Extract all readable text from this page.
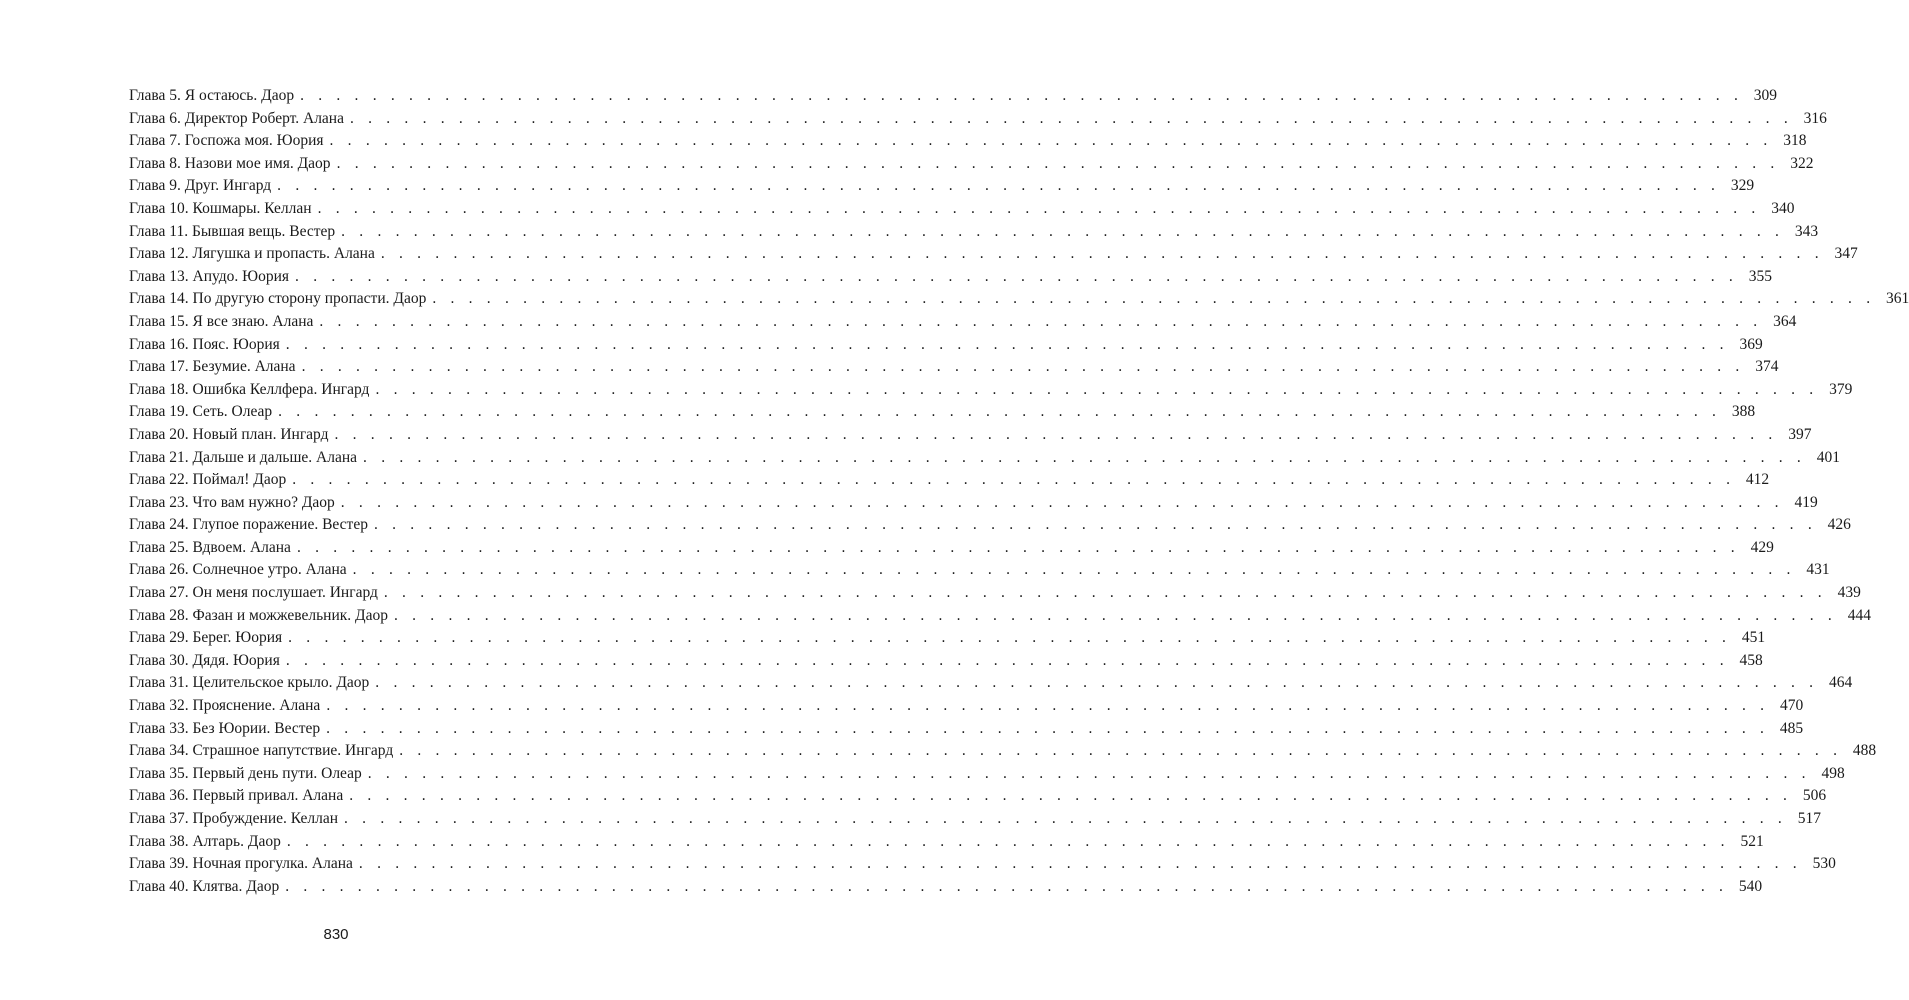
Глава 5. Я остаюсь. Даор . . . . . . . . . . . . . . . . . . . . . . . . . . . . . . . . . . . . . . . . . . . . . . . . . . . . . . . . . . . . . . . . . . . . . . . . . . . . . . . . 309
Глава 6. Директор Роберт. Алана . . . . . . . . . . . . . . . . . . . . . . . . . . . . . . . . . . . . . . . . . . . . . . . . . . . . . . . . . . . . . . . . . . . . . . . . . . . . . . . . 316
Глава 7. Госпожа моя. Юория . . . . . . . . . . . . . . . . . . . . . . . . . . . . . . . . . . . . . . . . . . . . . . . . . . . . . . . . . . . . . . . . . . . . . . . . . . . . . . . . 318
Глава 8. Назови мое имя. Даор . . . . . . . . . . . . . . . . . . . . . . . . . . . . . . . . . . . . . . . . . . . . . . . . . . . . . . . . . . . . . . . . . . . . . . . . . . . . . . . . 322
Глава 9. Друг. Ингард . . . . . . . . . . . . . . . . . . . . . . . . . . . . . . . . . . . . . . . . . . . . . . . . . . . . . . . . . . . . . . . . . . . . . . . . . . . . . . . . 329
Глава 10. Кошмары. Келлан . . . . . . . . . . . . . . . . . . . . . . . . . . . . . . . . . . . . . . . . . . . . . . . . . . . . . . . . . . . . . . . . . . . . . . . . . . . . . . . . 340
Глава 11. Бывшая вещь. Вестер . . . . . . . . . . . . . . . . . . . . . . . . . . . . . . . . . . . . . . . . . . . . . . . . . . . . . . . . . . . . . . . . . . . . . . . . . . . . . . . . 343
Глава 12. Лягушка и пропасть. Алана . . . . . . . . . . . . . . . . . . . . . . . . . . . . . . . . . . . . . . . . . . . . . . . . . . . . . . . . . . . . . . . . . . . . . . . . . . . . . . . . 347
Глава 13. Апудо. Юория . . . . . . . . . . . . . . . . . . . . . . . . . . . . . . . . . . . . . . . . . . . . . . . . . . . . . . . . . . . . . . . . . . . . . . . . . . . . . . . . 355
Глава 14. По другую сторону пропасти. Даор . . . . . . . . . . . . . . . . . . . . . . . . . . . . . . . . . . . . . . . . . . . . . . . . . . . . . . . . . . . . . . . . . . . . . . . . . . . . . . . . 361
Глава 15. Я все знаю. Алана . . . . . . . . . . . . . . . . . . . . . . . . . . . . . . . . . . . . . . . . . . . . . . . . . . . . . . . . . . . . . . . . . . . . . . . . . . . . . . . . 364
Глава 16. Пояс. Юория . . . . . . . . . . . . . . . . . . . . . . . . . . . . . . . . . . . . . . . . . . . . . . . . . . . . . . . . . . . . . . . . . . . . . . . . . . . . . . . . 369
Глава 17. Безумие. Алана . . . . . . . . . . . . . . . . . . . . . . . . . . . . . . . . . . . . . . . . . . . . . . . . . . . . . . . . . . . . . . . . . . . . . . . . . . . . . . . . 374
Глава 18. Ошибка Келлфера. Ингард . . . . . . . . . . . . . . . . . . . . . . . . . . . . . . . . . . . . . . . . . . . . . . . . . . . . . . . . . . . . . . . . . . . . . . . . . . . . . . . . 379
Глава 19. Сеть. Олеар . . . . . . . . . . . . . . . . . . . . . . . . . . . . . . . . . . . . . . . . . . . . . . . . . . . . . . . . . . . . . . . . . . . . . . . . . . . . . . . . 388
Глава 20. Новый план. Ингард . . . . . . . . . . . . . . . . . . . . . . . . . . . . . . . . . . . . . . . . . . . . . . . . . . . . . . . . . . . . . . . . . . . . . . . . . . . . . . . . 397
Глава 21. Дальше и дальше. Алана . . . . . . . . . . . . . . . . . . . . . . . . . . . . . . . . . . . . . . . . . . . . . . . . . . . . . . . . . . . . . . . . . . . . . . . . . . . . . . . . 401
Глава 22. Поймал! Даор . . . . . . . . . . . . . . . . . . . . . . . . . . . . . . . . . . . . . . . . . . . . . . . . . . . . . . . . . . . . . . . . . . . . . . . . . . . . . . . . 412
Глава 23. Что вам нужно? Даор . . . . . . . . . . . . . . . . . . . . . . . . . . . . . . . . . . . . . . . . . . . . . . . . . . . . . . . . . . . . . . . . . . . . . . . . . . . . . . . . 419
Глава 24. Глупое поражение. Вестер . . . . . . . . . . . . . . . . . . . . . . . . . . . . . . . . . . . . . . . . . . . . . . . . . . . . . . . . . . . . . . . . . . . . . . . . . . . . . . . . 426
Глава 25. Вдвоем. Алана . . . . . . . . . . . . . . . . . . . . . . . . . . . . . . . . . . . . . . . . . . . . . . . . . . . . . . . . . . . . . . . . . . . . . . . . . . . . . . . . 429
Глава 26. Солнечное утро. Алана . . . . . . . . . . . . . . . . . . . . . . . . . . . . . . . . . . . . . . . . . . . . . . . . . . . . . . . . . . . . . . . . . . . . . . . . . . . . . . . . 431
Глава 27. Он меня послушает. Ингард . . . . . . . . . . . . . . . . . . . . . . . . . . . . . . . . . . . . . . . . . . . . . . . . . . . . . . . . . . . . . . . . . . . . . . . . . . . . . . . . 439
Глава 28. Фазан и можжевельник. Даор . . . . . . . . . . . . . . . . . . . . . . . . . . . . . . . . . . . . . . . . . . . . . . . . . . . . . . . . . . . . . . . . . . . . . . . . . . . . . . . . 444
Глава 29. Берег. Юория . . . . . . . . . . . . . . . . . . . . . . . . . . . . . . . . . . . . . . . . . . . . . . . . . . . . . . . . . . . . . . . . . . . . . . . . . . . . . . . . 451
Глава 30. Дядя. Юория . . . . . . . . . . . . . . . . . . . . . . . . . . . . . . . . . . . . . . . . . . . . . . . . . . . . . . . . . . . . . . . . . . . . . . . . . . . . . . . . 458
Глава 31. Целительское крыло. Даор . . . . . . . . . . . . . . . . . . . . . . . . . . . . . . . . . . . . . . . . . . . . . . . . . . . . . . . . . . . . . . . . . . . . . . . . . . . . . . . . 464
Глава 32. Прояснение. Алана . . . . . . . . . . . . . . . . . . . . . . . . . . . . . . . . . . . . . . . . . . . . . . . . . . . . . . . . . . . . . . . . . . . . . . . . . . . . . . . . 470
Глава 33. Без Юории. Вестер . . . . . . . . . . . . . . . . . . . . . . . . . . . . . . . . . . . . . . . . . . . . . . . . . . . . . . . . . . . . . . . . . . . . . . . . . . . . . . . . 485
Глава 34. Страшное напутствие. Ингард . . . . . . . . . . . . . . . . . . . . . . . . . . . . . . . . . . . . . . . . . . . . . . . . . . . . . . . . . . . . . . . . . . . . . . . . . . . . . . . . 488
Глава 35. Первый день пути. Олеар . . . . . . . . . . . . . . . . . . . . . . . . . . . . . . . . . . . . . . . . . . . . . . . . . . . . . . . . . . . . . . . . . . . . . . . . . . . . . . . . 498
Глава 36. Первый привал. Алана . . . . . . . . . . . . . . . . . . . . . . . . . . . . . . . . . . . . . . . . . . . . . . . . . . . . . . . . . . . . . . . . . . . . . . . . . . . . . . . . 506
Глава 37. Пробуждение. Келлан . . . . . . . . . . . . . . . . . . . . . . . . . . . . . . . . . . . . . . . . . . . . . . . . . . . . . . . . . . . . . . . . . . . . . . . . . . . . . . . . 517
Глава 38. Алтарь. Даор . . . . . . . . . . . . . . . . . . . . . . . . . . . . . . . . . . . . . . . . . . . . . . . . . . . . . . . . . . . . . . . . . . . . . . . . . . . . . . . . 521
Глава 39. Ночная прогулка. Алана . . . . . . . . . . . . . . . . . . . . . . . . . . . . . . . . . . . . . . . . . . . . . . . . . . . . . . . . . . . . . . . . . . . . . . . . . . . . . . . . 530
Глава 40. Клятва. Даор . . . . . . . . . . . . . . . . . . . . . . . . . . . . . . . . . . . . . . . . . . . . . . . . . . . . . . . . . . . . . . . . . . . . . . . . . . . . . . . . 540
830
